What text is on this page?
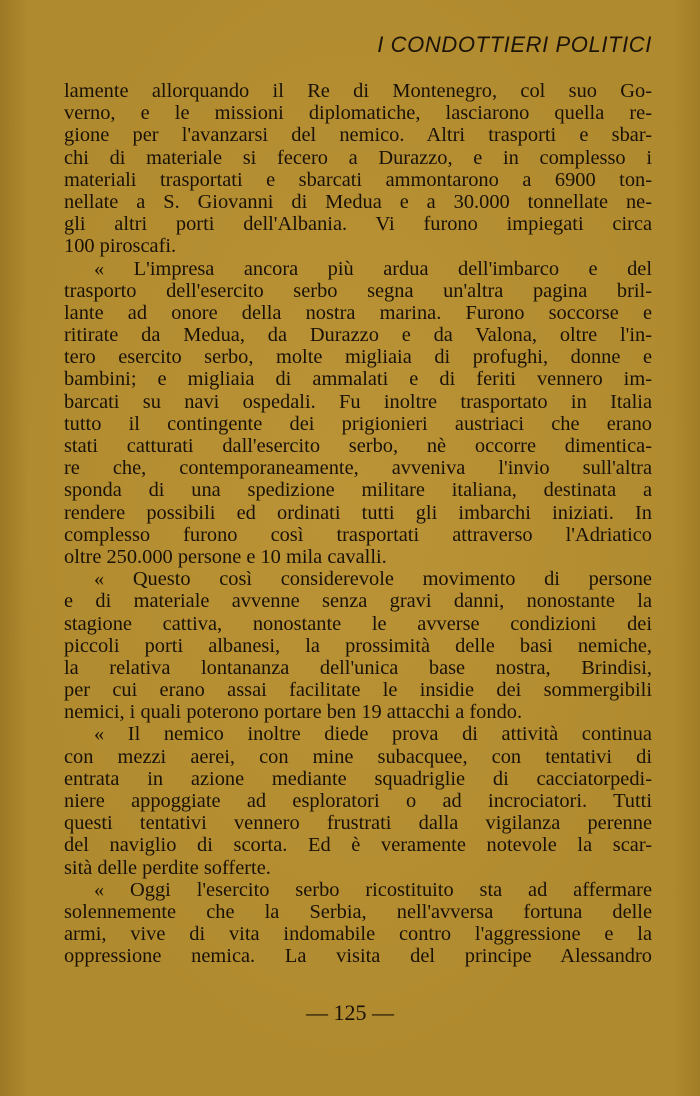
I CONDOTTIERI POLITICI
lamente allorquando il Re di Montenegro, col suo Go-
verno, e le missioni diplomatiche, lasciarono quella re-
gione per l'avanzarsi del nemico. Altri trasporti e sbar-
chi di materiale si fecero a Durazzo, e in complesso i
materiali trasportati e sbarcati ammontarono a 6900 ton-
nellate a S. Giovanni di Medua e a 30.000 tonnellate ne-
gli altri porti dell'Albania. Vi furono impiegati circa
100 piroscafi.
« L'impresa ancora più ardua dell'imbarco e del
trasporto dell'esercito serbo segna un'altra pagina bril-
lante ad onore della nostra marina. Furono soccorse e
ritirate da Medua, da Durazzo e da Valona, oltre l'in-
tero esercito serbo, molte migliaia di profughi, donne e
bambini; e migliaia di ammalati e di feriti vennero im-
barcati su navi ospedali. Fu inoltre trasportato in Italia
tutto il contingente dei prigionieri austriaci che erano
stati catturati dall'esercito serbo, nè occorre dimentica-
re che, contemporaneamente, avveniva l'invio sull'altra
sponda di una spedizione militare italiana, destinata a
rendere possibili ed ordinati tutti gli imbarchi iniziati. In
complesso furono così trasportati attraverso l'Adriatico
oltre 250.000 persone e 10 mila cavalli.
« Questo così considerevole movimento di persone
e di materiale avvenne senza gravi danni, nonostante la
stagione cattiva, nonostante le avverse condizioni dei
piccoli porti albanesi, la prossimità delle basi nemiche,
la relativa lontananza dell'unica base nostra, Brindisi,
per cui erano assai facilitate le insidie dei sommergibili
nemici, i quali poterono portare ben 19 attacchi a fondo.
« Il nemico inoltre diede prova di attività continua
con mezzi aerei, con mine subacquee, con tentativi di
entrata in azione mediante squadriglie di cacciatorpedi-
niere appoggiate ad esploratori o ad incrociatori. Tutti
questi tentativi vennero frustrati dalla vigilanza perenne
del naviglio di scorta. Ed è veramente notevole la scar-
sità delle perdite sofferte.
« Oggi l'esercito serbo ricostituito sta ad affermare
solennemente che la Serbia, nell'avversa fortuna delle
armi, vive di vita indomabile contro l'aggressione e la
oppressione nemica. La visita del principe Alessandro
— 125 —
